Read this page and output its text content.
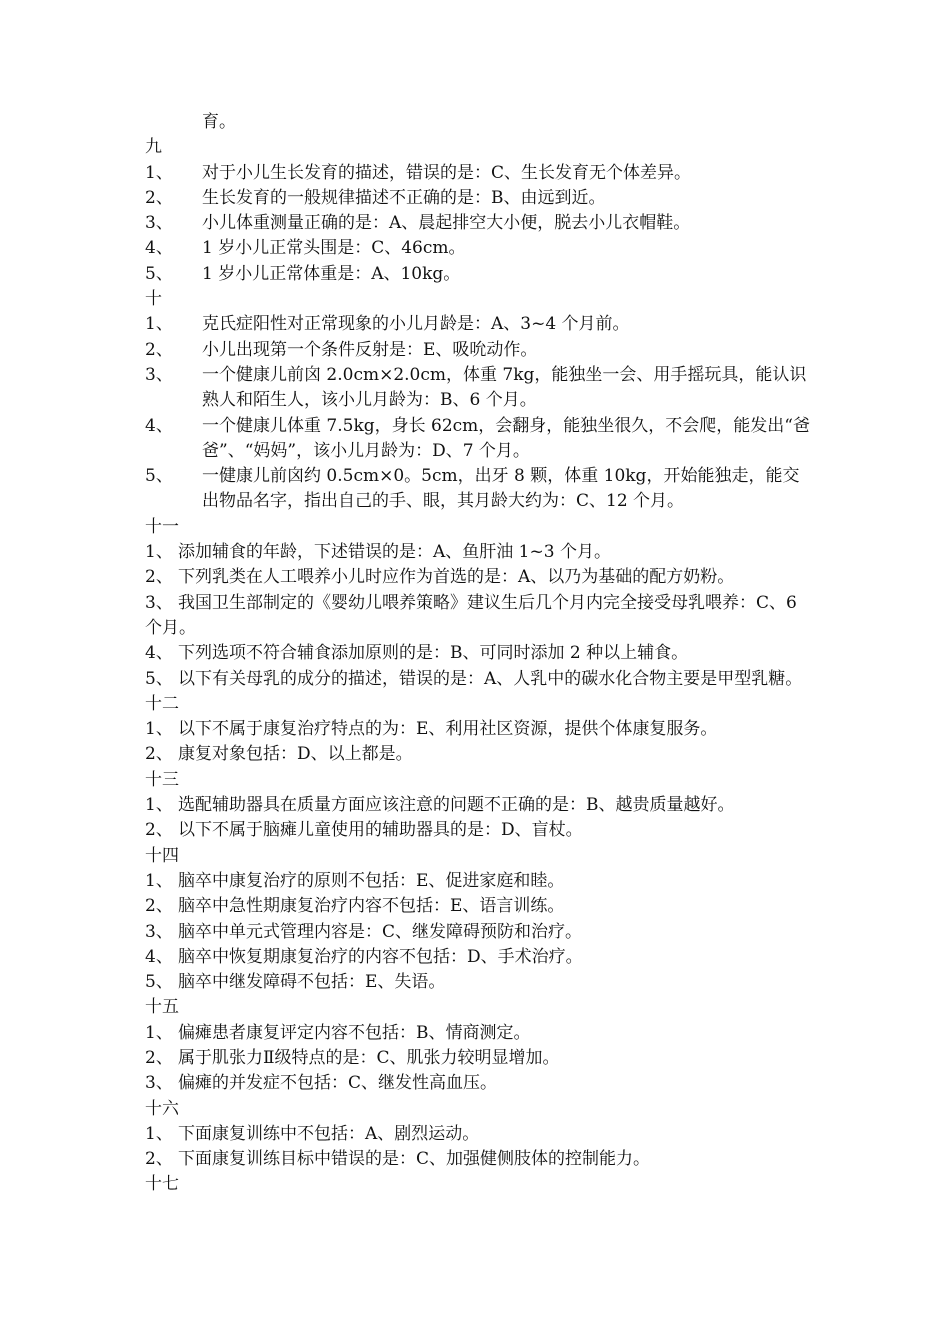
育。
九
1、	对于小儿生长发育的描述，错误的是：C、生长发育无个体差异。
2、	生长发育的一般规律描述不正确的是：B、由远到近。
3、	小儿体重测量正确的是：A、晨起排空大小便，脱去小儿衣帽鞋。
4、	1 岁小儿正常头围是：C、46cm。
5、	1 岁小儿正常体重是：A、10kg。
十
1、	克氏症阳性对正常现象的小儿月龄是：A、3~4 个月前。
2、	小儿出现第一个条件反射是：E、吸吮动作。
3、	一个健康儿前囟 2.0cm×2.0cm，体重 7kg，能独坐一会、用手摇玩具，能认识熟人和陌生人，该小儿月龄为：B、6 个月。
4、	一个健康儿体重 7.5kg，身长 62cm，会翻身，能独坐很久，不会爬，能发出“爸爸”、“妈妈”，该小儿月龄为：D、7 个月。
5、	一健康儿前囟约 0.5cm×0。5cm，出牙 8 颗，体重 10kg，开始能独走，能交出物品名字，指出自己的手、眼，其月龄大约为：C、12 个月。
十一
1、 添加辅食的年龄，下述错误的是：A、鱼肝油 1~3 个月。
2、 下列乳类在人工喂养小儿时应作为首选的是：A、以乃为基础的配方奶粉。
3、 我国卫生部制定的《婴幼儿喂养策略》建议生后几个月内完全接受母乳喂养：C、6 个月。
4、 下列选项不符合辅食添加原则的是：B、可同时添加 2 种以上辅食。
5、 以下有关母乳的成分的描述，错误的是：A、人乳中的碳水化合物主要是甲型乳糖。
十二
1、 以下不属于康复治疗特点的为：E、利用社区资源，提供个体康复服务。
2、 康复对象包括：D、以上都是。
十三
1、 选配辅助器具在质量方面应该注意的问题不正确的是：B、越贵质量越好。
2、 以下不属于脑瘫儿童使用的辅助器具的是：D、盲杖。
十四
1、 脑卒中康复治疗的原则不包括：E、促进家庭和睦。
2、 脑卒中急性期康复治疗内容不包括：E、语言训练。
3、 脑卒中单元式管理内容是：C、继发障碍预防和治疗。
4、 脑卒中恢复期康复治疗的内容不包括：D、手术治疗。
5、 脑卒中继发障碍不包括：E、失语。
十五
1、 偏瘫患者康复评定内容不包括：B、情商测定。
2、 属于肌张力Ⅱ级特点的是：C、肌张力较明显增加。
3、 偏瘫的并发症不包括：C、继发性高血压。
十六
1、 下面康复训练中不包括：A、剧烈运动。
2、 下面康复训练目标中错误的是：C、加强健侧肢体的控制能力。
十七
